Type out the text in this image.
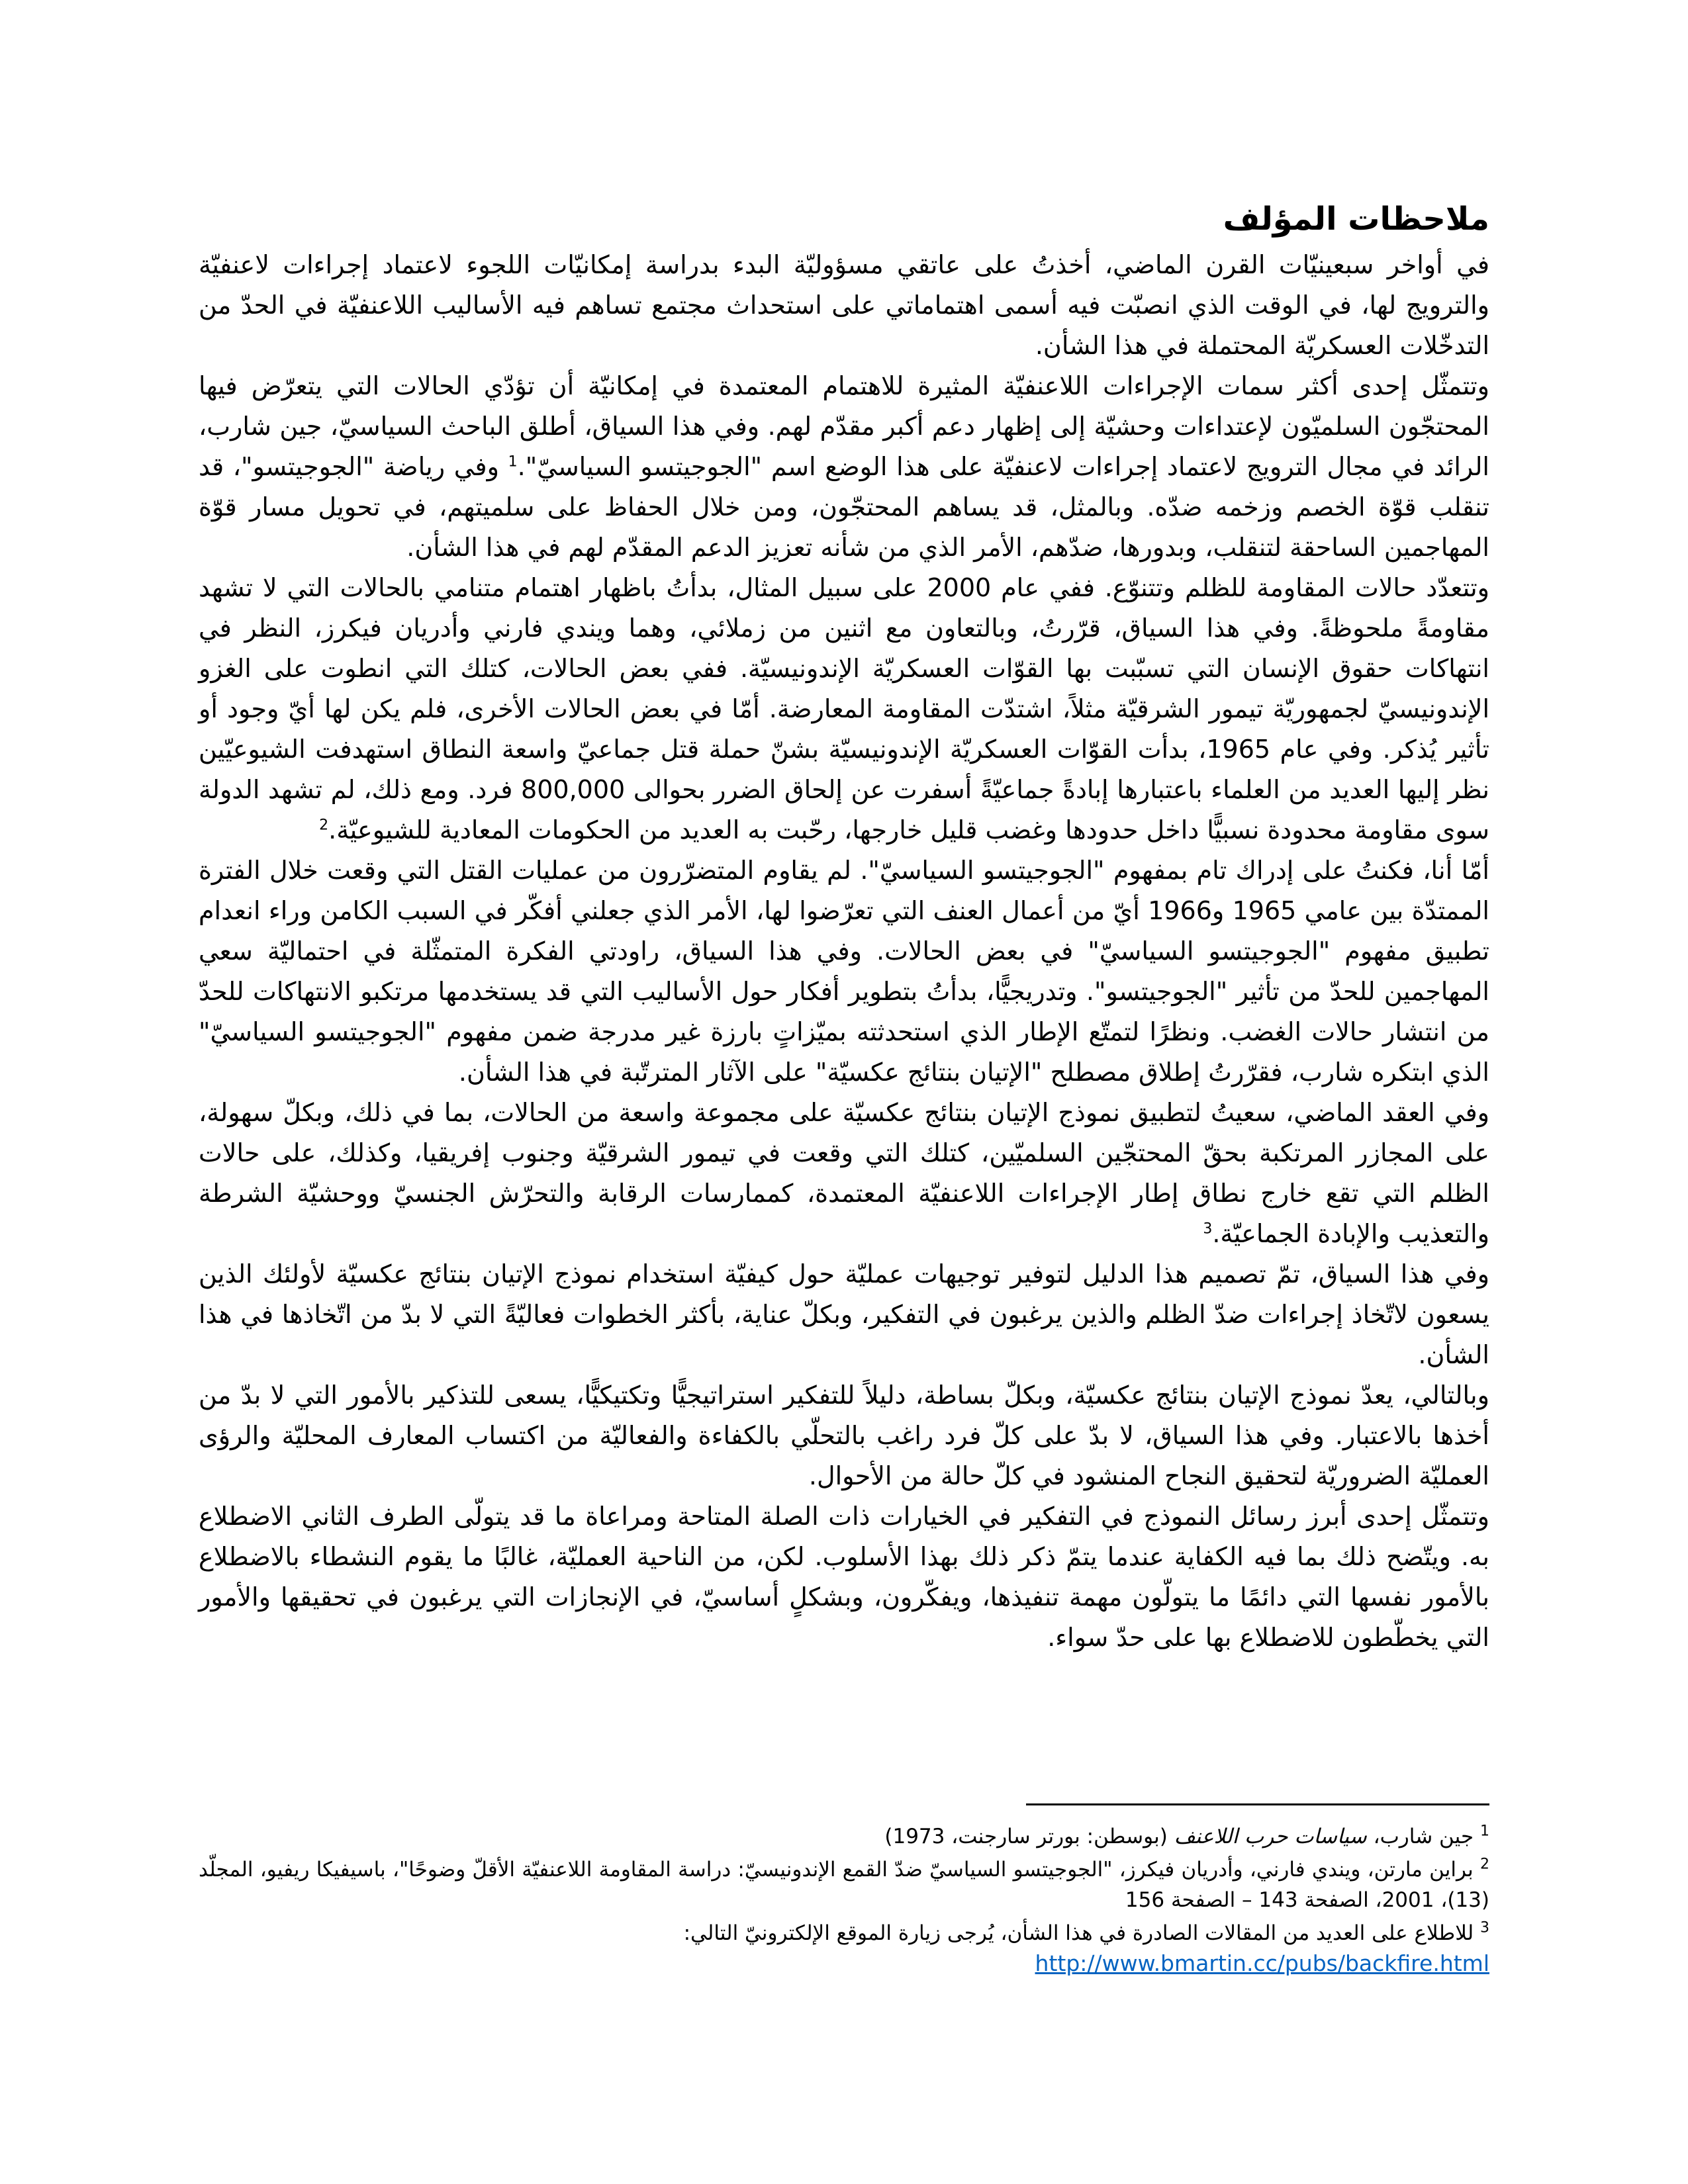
ملاحظات المؤلف

في أواخر سبعينيّات القرن الماضي، أخذتُ على عاتقي مسؤوليّة البدء بدراسة إمكانيّات اللجوء لاعتماد إجراءات لاعنفيّة والترويج لها، في الوقت الذي انصبّت فيه أسمى اهتماماتي على استحداث مجتمع تساهم فيه الأساليب اللاعنفيّة في الحدّ من التدخّلات العسكريّة المحتملة في هذا الشأن.

وتتمثّل إحدى أكثر سمات الإجراءات اللاعنفيّة المثيرة للاهتمام المعتمدة في إمكانيّة أن تؤدّي الحالات التي يتعرّض فيها المحتجّون السلميّون لإعتداءات وحشيّة إلى إظهار دعم أكبر مقدّم لهم. وفي هذا السياق، أطلق الباحث السياسيّ، جين شارب، الرائد في مجال الترويج لاعتماد إجراءات لاعنفيّة على هذا الوضع اسم "الجوجيتسو السياسيّ".$^1$ وفي رياضة "الجوجيتسو"، قد تنقلب قوّة الخصم وزخمه ضدّه. وبالمثل، قد يساهم المحتجّون، ومن خلال الحفاظ على سلميتهم، في تحويل مسار قوّة المهاجمين الساحقة لتنقلب، وبدورها، ضدّهم، الأمر الذي من شأنه تعزيز الدعم المقدّم لهم في هذا الشأن.

وتتعدّد حالات المقاومة للظلم وتتنوّع. ففي عام 2000 على سبيل المثال، بدأتُ باظهار اهتمام متنامي بالحالات التي لا تشهد مقاومةً ملحوظةً. وفي هذا السياق، قرّرتُ، وبالتعاون مع اثنين من زملائي، وهما ويندي فارني وأدريان فيكرز، النظر في انتهاكات حقوق الإنسان التي تسبّبت بها القوّات العسكريّة الإندونيسيّة. ففي بعض الحالات، كتلك التي انطوت على الغزو الإندونيسيّ لجمهوريّة تيمور الشرقيّة مثلاً، اشتدّت المقاومة المعارضة. أمّا في بعض الحالات الأخرى، فلم يكن لها أيّ وجود أو تأثير يُذكر. وفي عام 1965، بدأت القوّات العسكريّة الإندونيسيّة بشنّ حملة قتل جماعيّ واسعة النطاق استهدفت الشيوعيّين نظر إليها العديد من العلماء باعتبارها إبادةً جماعيّةً أسفرت عن إلحاق الضرر بحوالى 800,000 فرد. ومع ذلك، لم تشهد الدولة سوى مقاومة محدودة نسبيًّا داخل حدودها وغضب قليل خارجها، رحّبت به العديد من الحكومات المعادية للشيوعيّة.$^2$

أمّا أنا، فكنتُ على إدراك تام بمفهوم "الجوجيتسو السياسيّ". لم يقاوم المتضرّرون من عمليات القتل التي وقعت خلال الفترة الممتدّة بين عامي 1965 و1966 أيّ من أعمال العنف التي تعرّضوا لها، الأمر الذي جعلني أفكّر في السبب الكامن وراء انعدام تطبيق مفهوم "الجوجيتسو السياسيّ" في بعض الحالات. وفي هذا السياق، راودتي الفكرة المتمثّلة في احتماليّة سعي المهاجمين للحدّ من تأثير "الجوجيتسو". وتدريجيًّا، بدأتُ بتطوير أفكار حول الأساليب التي قد يستخدمها مرتكبو الانتهاكات للحدّ من انتشار حالات الغضب. ونظرًا لتمتّع الإطار الذي استحدثته بميّزاتٍ بارزة غير مدرجة ضمن مفهوم "الجوجيتسو السياسيّ" الذي ابتكره شارب، فقرّرتُ إطلاق مصطلح "الإتيان بنتائج عكسيّة" على الآثار المترتّبة في هذا الشأن.

وفي العقد الماضي، سعيتُ لتطبيق نموذج الإتيان بنتائج عكسيّة على مجموعة واسعة من الحالات، بما في ذلك، وبكلّ سهولة، على المجازر المرتكبة بحقّ المحتجّين السلميّين، كتلك التي وقعت في تيمور الشرقيّة وجنوب إفريقيا، وكذلك، على حالات الظلم التي تقع خارج نطاق إطار الإجراءات اللاعنفيّة المعتمدة، كممارسات الرقابة والتحرّش الجنسيّ ووحشيّة الشرطة والتعذيب والإبادة الجماعيّة.$^3$

وفي هذا السياق، تمّ تصميم هذا الدليل لتوفير توجيهات عمليّة حول كيفيّة استخدام نموذج الإتيان بنتائج عكسيّة لأولئك الذين يسعون لاتّخاذ إجراءات ضدّ الظلم والذين يرغبون في التفكير، وبكلّ عناية، بأكثر الخطوات فعاليّةً التي لا بدّ من اتّخاذها في هذا الشأن.

وبالتالي، يعدّ نموذج الإتيان بنتائج عكسيّة، وبكلّ بساطة، دليلاً للتفكير استراتيجيًّا وتكتيكيًّا، يسعى للتذكير بالأمور التي لا بدّ من أخذها بالاعتبار. وفي هذا السياق، لا بدّ على كلّ فرد راغب بالتحلّي بالكفاءة والفعاليّة من اكتساب المعارف المحليّة والرؤى العمليّة الضروريّة لتحقيق النجاح المنشود في كلّ حالة من الأحوال.

وتتمثّل إحدى أبرز رسائل النموذج في التفكير في الخيارات ذات الصلة المتاحة ومراعاة ما قد يتولّى الطرف الثاني الاضطلاع به. ويتّضح ذلك بما فيه الكفاية عندما يتمّ ذكر ذلك بهذا الأسلوب. لكن، من الناحية العمليّة، غالبًا ما يقوم النشطاء بالاضطلاع بالأمور نفسها التي دائمًا ما يتولّون مهمة تنفيذها، ويفكّرون، وبشكلٍ أساسيّ، في الإنجازات التي يرغبون في تحقيقها والأمور التي يخطّطون للاضطلاع بها على حدّ سواء.

$^1$ جين شارب، سياسات حرب اللاعنف (بوسطن: بورتر سارجنت، 1973)

$^2$ براين مارتن، ويندي فارني، وأدريان فيكرز، "الجوجيتسو السياسيّ ضدّ القمع الإندونيسيّ: دراسة المقاومة اللاعنفيّة الأقلّ وضوحًا"، باسيفيكا ريفيو، المجلّد (13)، 2001، الصفحة 143 – الصفحة 156

$^3$ للاطلاع على العديد من المقالات الصادرة في هذا الشأن، يُرجى زيارة الموقع الإلكترونيّ التالي:
http://www.bmartin.cc/pubs/backfire.html
